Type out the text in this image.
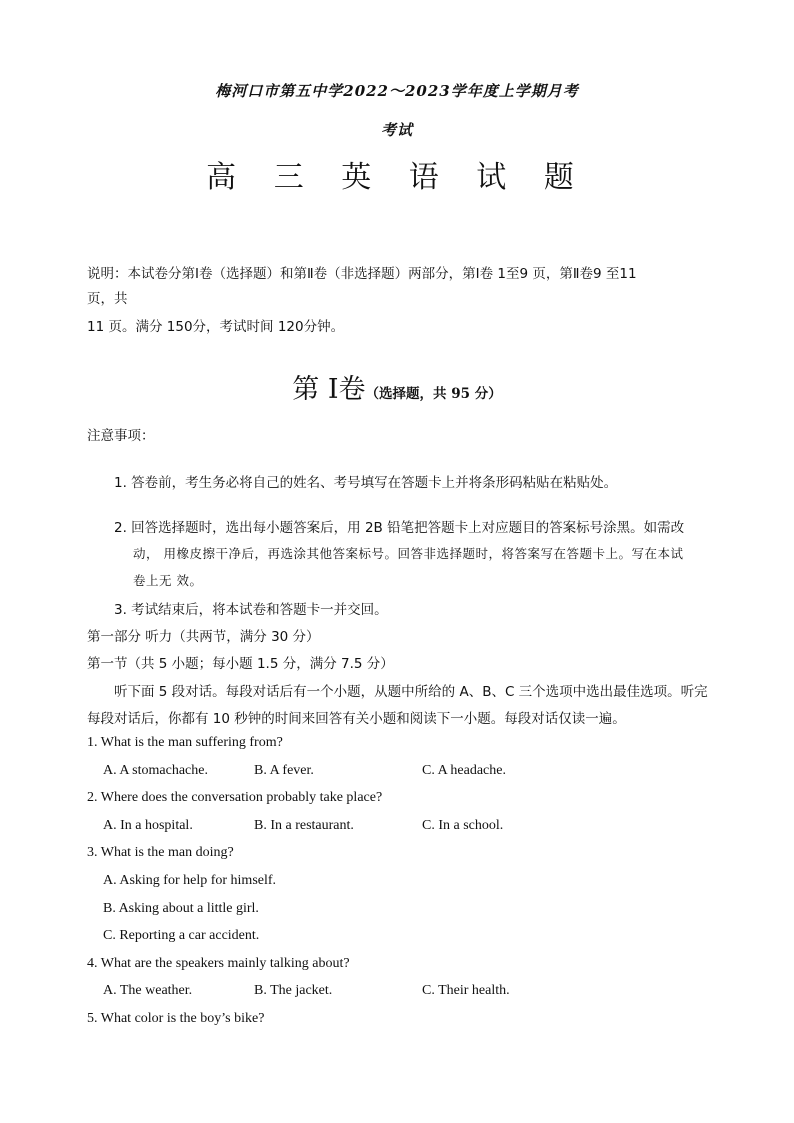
梅河口市第五中学2022～2023学年度上学期月考
考试
高 三 英 语 试 题
说明：本试卷分第Ⅰ卷（选择题）和第Ⅱ卷（非选择题）两部分，第Ⅰ卷 1至9 页，第Ⅱ卷9 至11
页，共
11 页。满分 150分，考试时间 120分钟。
第 Ⅰ卷（选择题，共 95 分）
注意事项：
1. 答卷前，考生务必将自己的姓名、考号填写在答题卡上并将条形码粘贴在粘贴处。
2. 回答选择题时，选出每小题答案后，用 2B 铅笔把答题卡上对应题目的答案标号涂黑。如需改
动， 用橡皮擦干净后，再选涂其他答案标号。回答非选择题时，将答案写在答题卡上。写在本试
卷上无 效。
3. 考试结束后，将本试卷和答题卡一并交回。
第一部分 听力（共两节，满分 30 分）
第一节（共 5 小题；每小题 1.5 分，满分 7.5 分）
听下面 5 段对话。每段对话后有一个小题，从题中所给的 A、B、C 三个选项中选出最佳选项。听完
每段对话后，你都有 10 秒钟的时间来回答有关小题和阅读下一小题。每段对话仅读一遍。
1. What is the man suffering from?
A. A stomachache.	B. A fever.	C. A headache.
2. Where does the conversation probably take place?
A. In a hospital.	B. In a restaurant.	C. In a school.
3. What is the man doing?
A. Asking for help for himself.
B. Asking about a little girl.
C. Reporting a car accident.
4. What are the speakers mainly talking about?
A. The weather.	B. The jacket.	C. Their health.
5. What color is the boy’s bike?
